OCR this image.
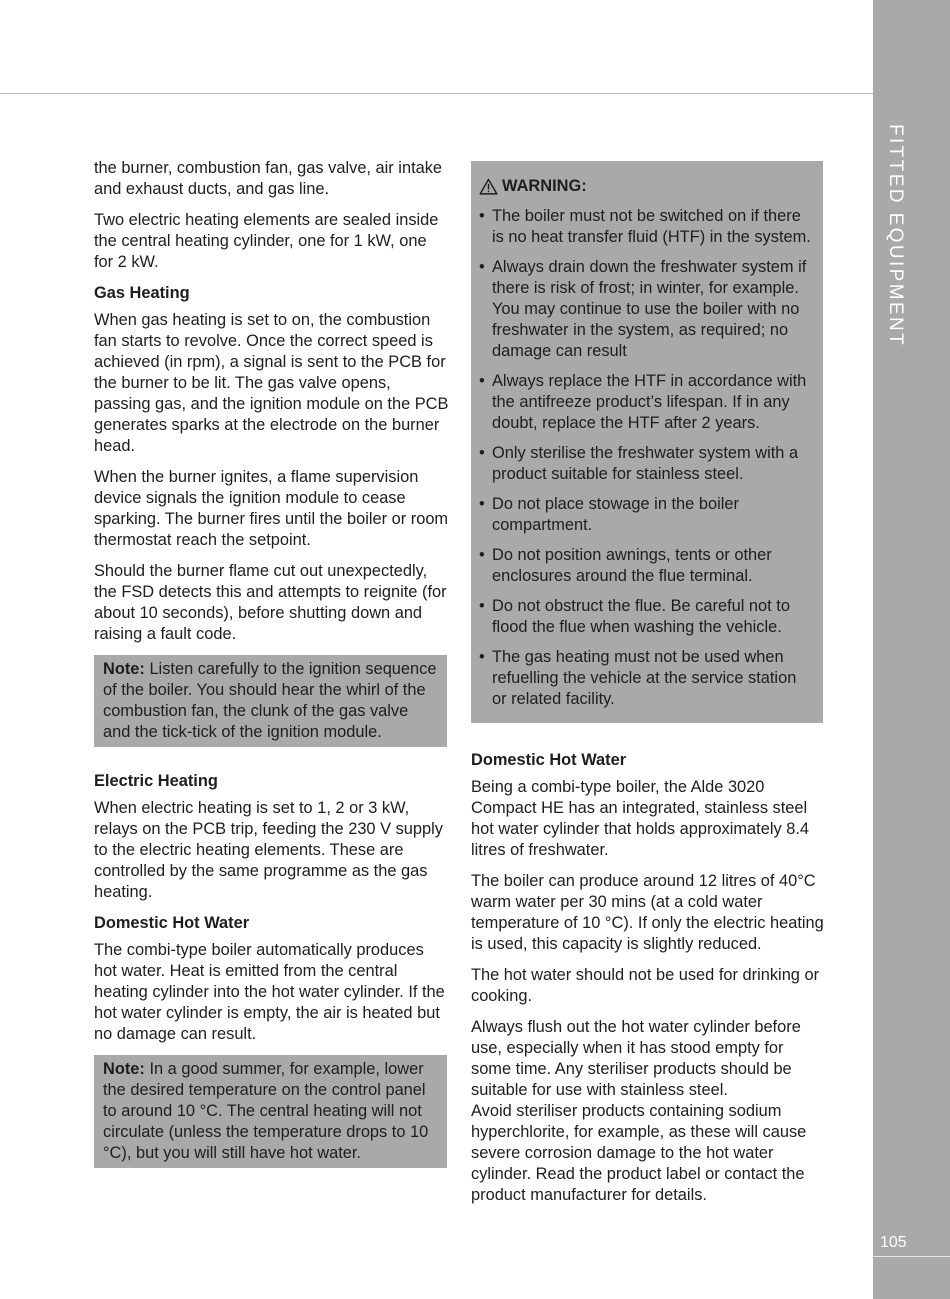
FITTED EQUIPMENT
105

the burner, combustion fan, gas valve, air intake and exhaust ducts, and gas line.

Two electric heating elements are sealed inside the central heating cylinder, one for 1 kW, one for 2 kW.

Gas Heating

When gas heating is set to on, the combustion fan starts to revolve. Once the correct speed is achieved (in rpm), a signal is sent to the PCB for the burner to be lit. The gas valve opens, passing gas, and the ignition module on the PCB generates sparks at the electrode on the burner head.

When the burner ignites, a flame supervision device signals the ignition module to cease sparking. The burner fires until the boiler or room thermostat reach the setpoint.

Should the burner flame cut out unexpectedly, the FSD detects this and attempts to reignite (for about 10 seconds), before shutting down and raising a fault code.

Note: Listen carefully to the ignition sequence of the boiler. You should hear the whirl of the combustion fan, the clunk of the gas valve and the tick-tick of the ignition module.

Electric Heating

When electric heating is set to 1, 2 or 3 kW, relays on the PCB trip, feeding the 230 V supply to the electric heating elements. These are controlled by the same programme as the gas heating.

Domestic Hot Water

The combi-type boiler automatically produces hot water. Heat is emitted from the central heating cylinder into the hot water cylinder. If the hot water cylinder is empty, the air is heated but no damage can result.

Note: In a good summer, for example, lower the desired temperature on the control panel to around 10 °C. The central heating will not circulate (unless the temperature drops to 10 °C), but you will still have hot water.

WARNING:
• The boiler must not be switched on if there is no heat transfer fluid (HTF) in the system.
• Always drain down the freshwater system if there is risk of frost; in winter, for example. You may continue to use the boiler with no freshwater in the system, as required; no damage can result
• Always replace the HTF in accordance with the antifreeze product’s lifespan. If in any doubt, replace the HTF after 2 years.
• Only sterilise the freshwater system with a product suitable for stainless steel.
• Do not place stowage in the boiler compartment.
• Do not position awnings, tents or other enclosures around the flue terminal.
• Do not obstruct the flue. Be careful not to flood the flue when washing the vehicle.
• The gas heating must not be used when refuelling the vehicle at the service station or related facility.
Domestic Hot Water

Being a combi-type boiler, the Alde 3020 Compact HE has an integrated, stainless steel hot water cylinder that holds approximately 8.4 litres of freshwater.

The boiler can produce around 12 litres of 40°C warm water per 30 mins (at a cold water temperature of 10 °C). If only the electric heating is used, this capacity is slightly reduced.

The hot water should not be used for drinking or cooking.

Always flush out the hot water cylinder before use, especially when it has stood empty for some time. Any steriliser products should be suitable for use with stainless steel.
Avoid steriliser products containing sodium hyperchlorite, for example, as these will cause severe corrosion damage to the hot water cylinder. Read the product label or contact the product manufacturer for details.
